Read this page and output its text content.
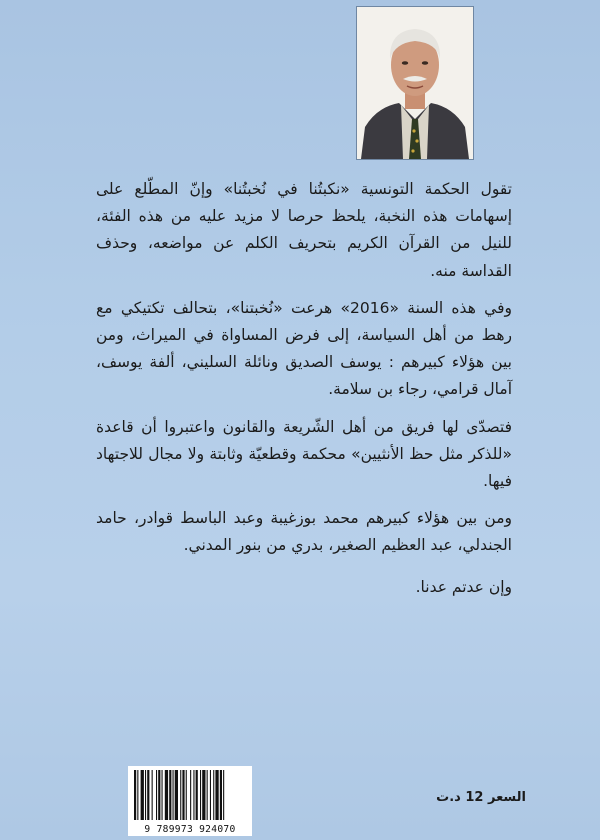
تقول الحكمة التونسية «نكبتُنا في نُخبتُنا» وإنّ المطّلع على إسهامات هذه النخبة، يلحظ حرصا لا مزيد عليه من هذه الفئة، للنيل من القرآن الكريم بتحريف الكلم عن مواضعه، وحذف القداسة منه.

وفي هذه السنة «2016» هرعت «نُخبتنا»، بتحالف تكتيكي مع رهط من أهل السياسة، إلى فرض المساواة في الميراث، ومن بين هؤلاء كبيرهم : يوسف الصديق ونائلة السليني، ألفة يوسف، آمال قرامي، رجاء بن سلامة.

فتصدّى لها فريق من أهل الشّريعة والقانون واعتبروا أن قاعدة «للذكر مثل حظ الأنثيين» محكمة وقطعيّة وثابتة ولا مجال للاجتهاد فيها.

ومن بين هؤلاء كبيرهم محمد بوزغيبة وعبد الباسط قوادر، حامد الجندلي، عبد العظيم الصغير، بدري من بنور المدني.

وإن عدتم عدنا.

9 789973 924070
السعر 12 د.ت
